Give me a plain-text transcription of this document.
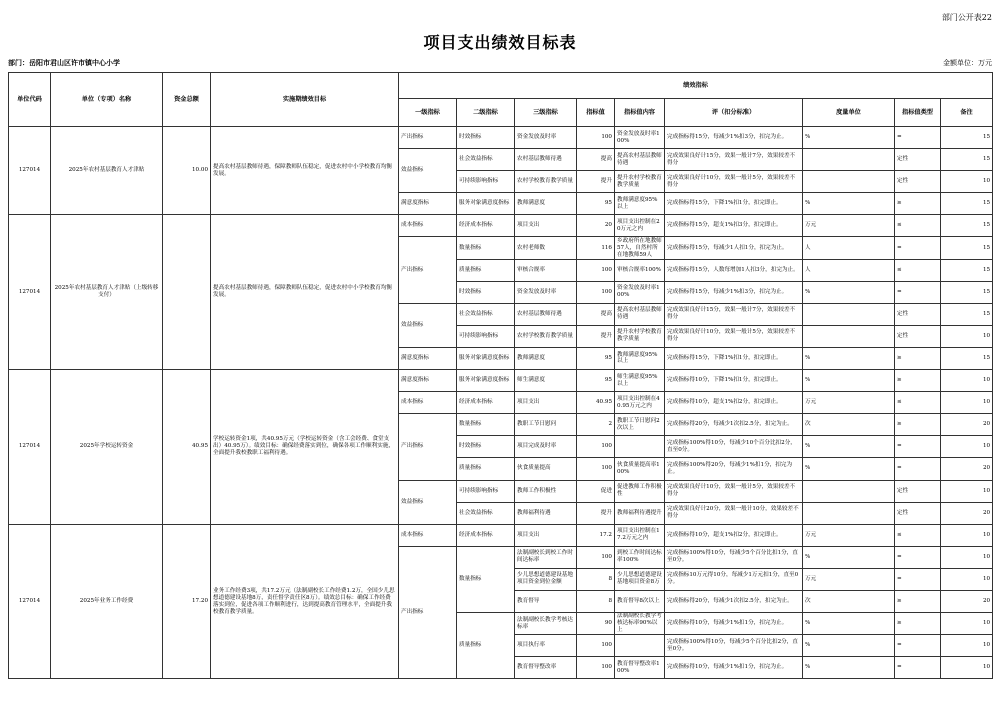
部门公开表22
项目支出绩效目标表
部门：岳阳市君山区许市镇中心小学	金额单位：万元
单位代码	单位（专项）名称	资金总额	实施期绩效目标	绩效指标								
				一级指标	二级指标	三级指标	指标值	指标值内容	评（扣分标准）	度量单位	指标值类型	备注
127014	2025年农村基层教育人才津贴	10.00	提高农村基层教师待遇，保障教师队伍稳定，促进农村中小学校教育均衡发展。	产出指标	时效指标	资金发放及时率	100	资金发放及时率100%	完成指标得15分，每减少1%扣3分，扣完为止。	%	=	15
				效益指标	社会效益指标	农村基层教师待遇	提高	提高农村基层教师待遇	完成效果良好计15分，效果一般计7分，效果较差不得分		定性	15
					可持续影响指标	农村学校教育教学质量	提升	提升农村学校教育教学质量	完成效果良好计10分，效果一般计5分，效果较差不得分		定性	10
				满意度指标	服务对象满意度指标	教师满意度	95	教师满意度95%以上	完成指标得15分，下降1%扣1分，扣完即止。	%	≥	15
127014	2025年农村基层教育人才津贴（上级转移支付）		提高农村基层教师待遇，保障教师队伍稳定，促进农村中小学校教育均衡发展。	成本指标	经济成本指标	项目支出	20	项目支出控制在20万元之内	完成指标得15分，超支1%扣3分，扣完即止。	万元	≤	15
				产出指标	数量指标	农村老师数	116	乡政府所在地教师57人，自然村所在地教师59人	完成指标得15分，每减少1人扣1分，扣完为止。	人	=	15
					质量指标	审核合规率	100	审核合规率100%	完成指标得15分，人数每增加1人扣3分，扣完为止。	人	≤	15
					时效指标	资金发放及时率	100	资金发放及时率100%	完成指标得15分，每减少1%扣3分，扣完为止。	%	=	15
				效益指标	社会效益指标	农村基层教师待遇	提高	提高农村基层教师待遇	完成效果良好计15分，效果一般计7分，效果较差不得分		定性	15
					可持续影响指标	农村学校教育教学质量	提升	提升农村学校教育教学质量	完成效果良好计10分，效果一般计5分，效果较差不得分		定性	10
				满意度指标	服务对象满意度指标	教师满意度	95	教师满意度95%以上	完成指标得15分，下降1%扣1分，扣完即止。	%	≥	15
127014	2025年学校运转资金	40.95	学校运转资金1项，共40.95万元（学校运转资金（含工会经费、食堂支出）40.95万）。绩效目标：确保经费落实到位，确保各项工作顺利实施，全面提升我校教职工福利待遇。	满意度指标	服务对象满意度指标	师生满意度	95	师生满意度95%以上	完成指标得10分，下降1%扣1分，扣完即止。	%	≥	10
				成本指标	经济成本指标	项目支出	40.95	项目支出控制在40.95万元之内	完成指标得10分，超支1%扣2分，扣完即止。	万元	≤	10
				产出指标	数量指标	教职工节日慰问	2	教职工节日慰问2次以上	完成指标得20分，每减少1次扣2.5分，扣完为止。	次	≥	20
					时效指标	项目完成及时率	100		完成指标100%得10分，每减少10个百分比扣2分，直至0分。	%	=	10
					质量指标	伙食质量提高	100	伙食质量提高率100%	完成指标100%得20分，每减少1%扣1分，扣完为止。	%	=	20
				效益指标	可持续影响指标	教师工作积极性	促进	促进教师工作积极性	完成效果良好计10分，效果一般计5分，效果较差不得分		定性	10
					社会效益指标	教师福利待遇	提升	教师福利待遇提升	完成效果良好计20分，效果一般计10分，效果较差不得分		定性	20
127014	2025年业务工作经费	17.20	业务工作经费3项，共17.2万元（法制副校长工作经费1.2万，全国少儿思想道德建设基地8万，责任督学责任区8万）。绩效总目标：确保工作经费落实到位，促进各项工作顺利进行，达到提高教育管理水平，全面提升我校教育教学质量。	成本指标	经济成本指标	项目支出	17.2	项目支出控制在17.2万元之内	完成指标得10分，超支1%扣2分，扣完即止。	万元	≤	10
				产出指标	数量指标	法制副校长到校工作时间达标率	100	到校工作时间达标率100%	完成指标100%得10分，每减少5个百分比扣1分，直至0分。	%	=	10
						少儿思想道德建设基地项目资金到位金额	8	少儿思想道德建设基地项目资金8万	完成指标10万元得10分，每减少1万元扣1分，直至0分。	万元	=	10
						教育督导	8	教育督导8次以上	完成指标得20分，每减少1次扣2.5分，扣完为止。	次	≥	20
					质量指标	法制副校长教学考核达标率	90	法制副校长教学考核达标率90%以上	完成指标得10分，每减少1%扣1分，扣完为止。	%	≥	10
						项目执行率	100		完成指标100%得10分，每减少5个百分比扣2分，直至0分。	%	=	10
						教育督导整改率	100	教育督导整改率100%	完成指标得10分，每减少1%扣1分，扣完为止。	%	=	10
